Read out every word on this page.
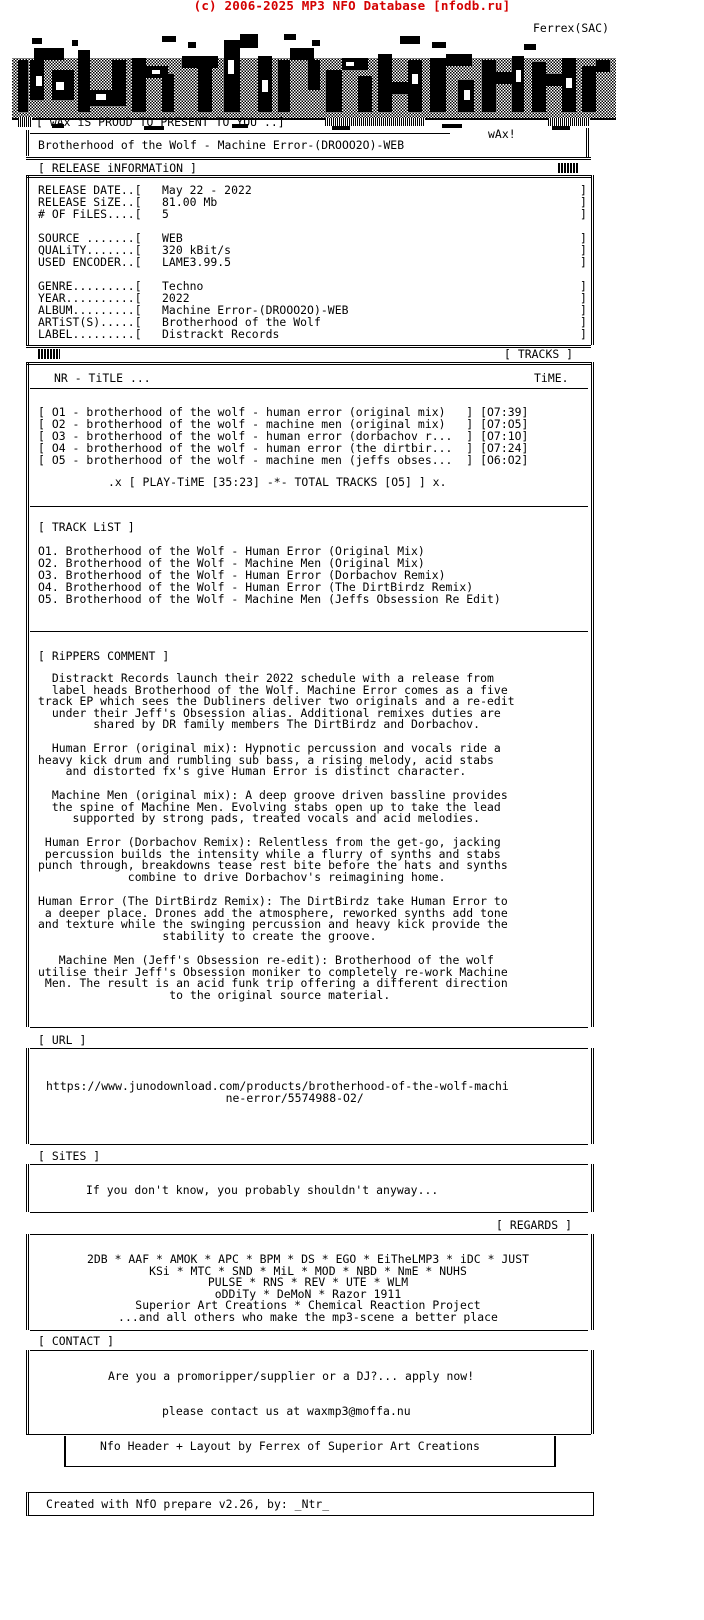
(c) 2006-2025 MP3 NFO Database [nfodb.ru]
Ferrex(SAC)
[ wAx iS PROUD TO PRESENT TO YOU ..]
wAx!
Brotherhood of the Wolf - Machine Error-(DROOO2O)-WEB
[ RELEASE iNFORMATiON ]
RELEASE DATE..[ May 22 - 2022	]
RELEASE SiZE..[ 81.00 Mb	]
# OF FiLES....[ 5	]
SOURCE .......[ WEB	]
QUALiTY.......[ 320 kBit/s	]
USED ENCODER..[ LAME3.99.5	]
GENRE.........[ Techno	]
YEAR..........[ 2022	]
ALBUM.........[ Machine Error-(DROOO2O)-WEB	]
ARTiST(S).....[ Brotherhood of the Wolf	]
LABEL.........[ Distrackt Records	]
[ TRACKS ]
NR - TiTLE ...	TiME.
[ O1 - brotherhood of the wolf - human error (original mix)   ] [O7:39]
[ O2 - brotherhood of the wolf - machine men (original mix)   ] [O7:O5]
[ O3 - brotherhood of the wolf - human error (dorbachov r...  ] [O7:1O]
[ O4 - brotherhood of the wolf - human error (the dirtbir...  ] [O7:24]
[ O5 - brotherhood of the wolf - machine men (jeffs obses...  ] [O6:O2]
.x [ PLAY-TiME [35:23] -*- TOTAL TRACKS [O5] ] x.
[ TRACK LiST ]
O1. Brotherhood of the Wolf - Human Error (Original Mix)
O2. Brotherhood of the Wolf - Machine Men (Original Mix)
O3. Brotherhood of the Wolf - Human Error (Dorbachov Remix)
O4. Brotherhood of the Wolf - Human Error (The DirtBirdz Remix)
O5. Brotherhood of the Wolf - Machine Men (Jeffs Obsession Re Edit)
[ RiPPERS COMMENT ]
Distrackt Records launch their 2022 schedule with a release from
label heads Brotherhood of the Wolf. Machine Error comes as a five
track EP which sees the Dubliners deliver two originals and a re-edit
under their Jeff's Obsession alias. Additional remixes duties are
shared by DR family members The DirtBirdz and Dorbachov.
Human Error (original mix): Hypnotic percussion and vocals ride a
heavy kick drum and rumbling sub bass, a rising melody, acid stabs
and distorted fx's give Human Error is distinct character.
Machine Men (original mix): A deep groove driven bassline provides
the spine of Machine Men. Evolving stabs open up to take the lead
supported by strong pads, treated vocals and acid melodies.
Human Error (Dorbachov Remix): Relentless from the get-go, jacking
percussion builds the intensity while a flurry of synths and stabs
punch through, breakdowns tease rest bite before the hats and synths
combine to drive Dorbachov's reimagining home.
Human Error (The DirtBirdz Remix): The DirtBirdz take Human Error to
a deeper place. Drones add the atmosphere, reworked synths add tone
and texture while the swinging percussion and heavy kick provide the
stability to create the groove.
Machine Men (Jeff's Obsession re-edit): Brotherhood of the wolf
utilise their Jeff's Obsession moniker to completely re-work Machine
Men. The result is an acid funk trip offering a different direction
to the original source material.
[ URL ]
https://www.junodownload.com/products/brotherhood-of-the-wolf-machi
ne-error/5574988-O2/
[ SiTES ]
If you don't know, you probably shouldn't anyway...
[ REGARDS ]
2DB * AAF * AMOK * APC * BPM * DS * EGO * EiTheLMP3 * iDC * JUST
KSi * MTC * SND * MiL * MOD * NBD * NmE * NUHS
PULSE * RNS * REV * UTE * WLM
oDDiTy * DeMoN * Razor 1911
Superior Art Creations * Chemical Reaction Project
...and all others who make the mp3-scene a better place
[ CONTACT ]
Are you a promoripper/supplier or a DJ?... apply now!
please contact us at waxmp3@moffa.nu
Nfo Header + Layout by Ferrex of Superior Art Creations
Created with NfO prepare v2.26, by: _Ntr_
